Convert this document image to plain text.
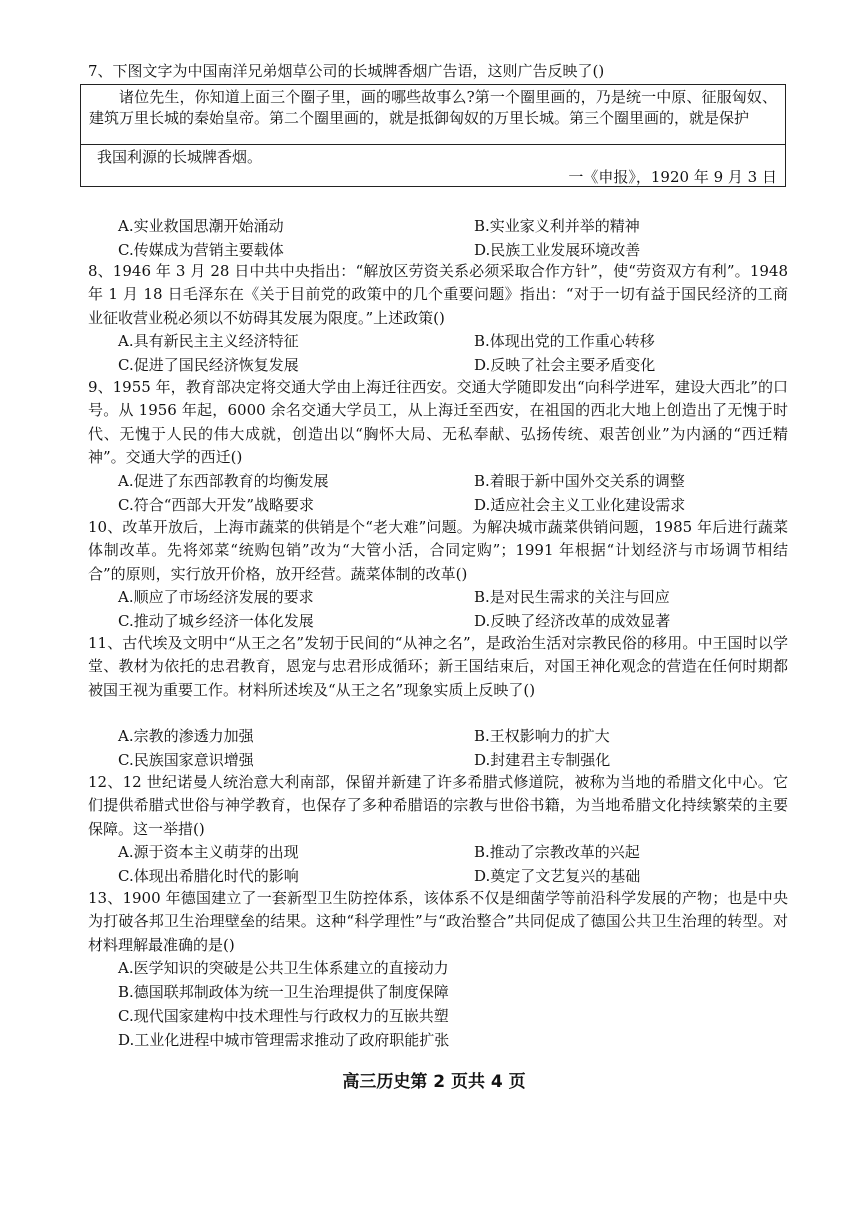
7、下图文字为中国南洋兄弟烟草公司的长城牌香烟广告语，这则广告反映了()
诸位先生，你知道上面三个圈子里，画的哪些故事么?第一个圈里画的，乃是统一中原、征服匈奴、建筑万里长城的秦始皇帝。第二个圈里画的，就是抵御匈奴的万里长城。第三个圈里画的，就是保护
我国利源的长城牌香烟。
一《申报》，1920 年 9 月 3 日
A.实业救国思潮开始涌动	B.实业家义利并举的精神
C.传媒成为营销主要载体	D.民族工业发展环境改善
8、1946 年 3 月 28 日中共中央指出：“解放区劳资关系必须采取合作方针”，使“劳资双方有利”。1948 年 1 月 18 日毛泽东在《关于目前党的政策中的几个重要问题》指出：“对于一切有益于国民经济的工商业征收营业税必须以不妨碍其发展为限度。”上述政策()
A.具有新民主主义经济特征	B.体现出党的工作重心转移
C.促进了国民经济恢复发展	D.反映了社会主要矛盾变化
9、1955 年，教育部决定将交通大学由上海迁往西安。交通大学随即发出“向科学进军，建设大西北”的口号。从 1956 年起，6000 余名交通大学员工，从上海迁至西安，在祖国的西北大地上创造出了无愧于时代、无愧于人民的伟大成就，创造出以“胸怀大局、无私奉献、弘扬传统、艰苦创业”为内涵的“西迁精神”。交通大学的西迁()
A.促进了东西部教育的均衡发展	B.着眼于新中国外交关系的调整
C.符合“西部大开发”战略要求	D.适应社会主义工业化建设需求
10、改革开放后，上海市蔬菜的供销是个“老大难”问题。为解决城市蔬菜供销问题，1985 年后进行蔬菜体制改革。先将郊菜“统购包销”改为“大管小活，合同定购”；1991 年根据“计划经济与市场调节相结合”的原则，实行放开价格，放开经营。蔬菜体制的改革()
A.顺应了市场经济发展的要求	B.是对民生需求的关注与回应
C.推动了城乡经济一体化发展	D.反映了经济改革的成效显著
11、古代埃及文明中“从王之名”发轫于民间的“从神之名”，是政治生活对宗教民俗的移用。中王国时以学堂、教材为依托的忠君教育，恩宠与忠君形成循环；新王国结束后，对国王神化观念的营造在任何时期都被国王视为重要工作。材料所述埃及“从王之名”现象实质上反映了()
A.宗教的渗透力加强	B.王权影响力的扩大
C.民族国家意识增强	D.封建君主专制强化
12、12 世纪诺曼人统治意大利南部，保留并新建了许多希腊式修道院，被称为当地的希腊文化中心。它们提供希腊式世俗与神学教育，也保存了多种希腊语的宗教与世俗书籍，为当地希腊文化持续繁荣的主要保障。这一举措()
A.源于资本主义萌芽的出现	B.推动了宗教改革的兴起
C.体现出希腊化时代的影响	D.奠定了文艺复兴的基础
13、1900 年德国建立了一套新型卫生防控体系，该体系不仅是细菌学等前沿科学发展的产物；也是中央为打破各邦卫生治理壁垒的结果。这种“科学理性”与“政治整合”共同促成了德国公共卫生治理的转型。对材料理解最准确的是()
A.医学知识的突破是公共卫生体系建立的直接动力
B.德国联邦制政体为统一卫生治理提供了制度保障
C.现代国家建构中技术理性与行政权力的互嵌共塑
D.工业化进程中城市管理需求推动了政府职能扩张
高三历史第 2 页共 4 页
